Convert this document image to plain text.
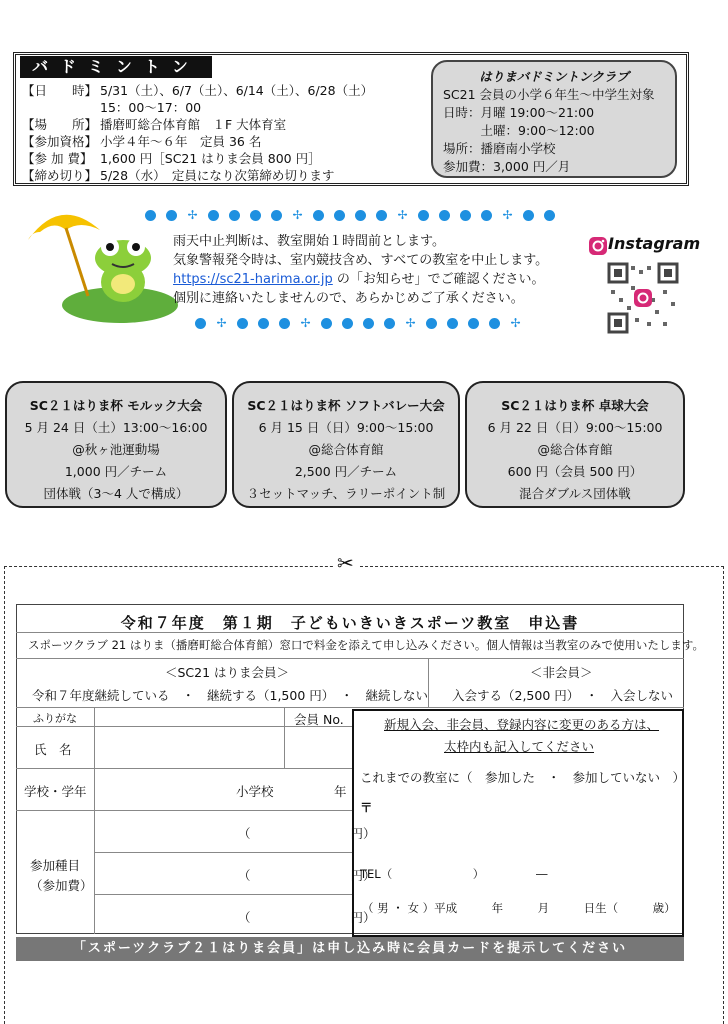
バドミントン
【日　　時】 5/31（土）、6/7（土）、6/14（土）、6/28（土）
15：00〜17：00
【場　　所】 播磨町総合体育館　１F 大体育室
【参加資格】 小学４年〜６年　定員 36 名
【参 加 費】 1,600 円［SC21 はりま会員 800 円］
【締め切り】 5/28（水）　定員になり次第締め切ります
はりまバドミントンクラブ
SC21 会員の小学６年生〜中学生対象
日時：月曜 19:00〜21:00
　　　土曜：9:00〜12:00
場所：播磨南小学校
参加費：3,000 円／月
✢	✢	✢	✢
✢	✢	✢	✢
雨天中止判断は、教室開始１時間前とします。
気象警報発令時は、室内競技含め、すべての教室を中止します。
https://sc21-harima.or.jp の「お知らせ」でご確認ください。
個別に連絡いたしませんので、あらかじめご了承ください。
Instagram
SC２１はりま杯 モルック大会
5 月 24 日（土）13:00〜16:00
@秋ヶ池運動場
1,000 円／チーム
団体戦（3〜4 人で構成）
SC２１はりま杯 ソフトバレー大会
6 月 15 日（日）9:00〜15:00
@総合体育館
2,500 円／チーム
３セットマッチ、ラリーポイント制
SC２１はりま杯 卓球大会
6 月 22 日（日）9:00〜15:00
@総合体育館
600 円（会員 500 円）
混合ダブルス団体戦
✂
令和７年度　第１期　子どもいきいきスポーツ教室　申込書
スポーツクラブ 21 はりま（播磨町総合体育館）窓口で料金を添えて申し込みください。個人情報は当教室のみで使用いたします。
＜SC21 はりま会員＞
令和７年度継続している　・　継続する（1,500 円）　・　継続しない
＜非会員＞
入会する（2,500 円）　・　入会しない
ふりがな	会員 No.
氏　名
学校・学年	小学校	年
参加種目
（参加費）
（　　　　　　　　円）
（　　　　　　　　円）
（　　　　　　　　円）
新規入会、非会員、登録内容に変更のある方は、
太枠内も記入してください
これまでの教室に（　参加した　・　参加していない　）
〒
TEL（　　　　　　　）　　　　　―
（ 男 ・ 女 ）平成　　　年　　　月　　　日生（　　　歳）
「スポーツクラブ２１はりま会員」は申し込み時に会員カードを提示してください
